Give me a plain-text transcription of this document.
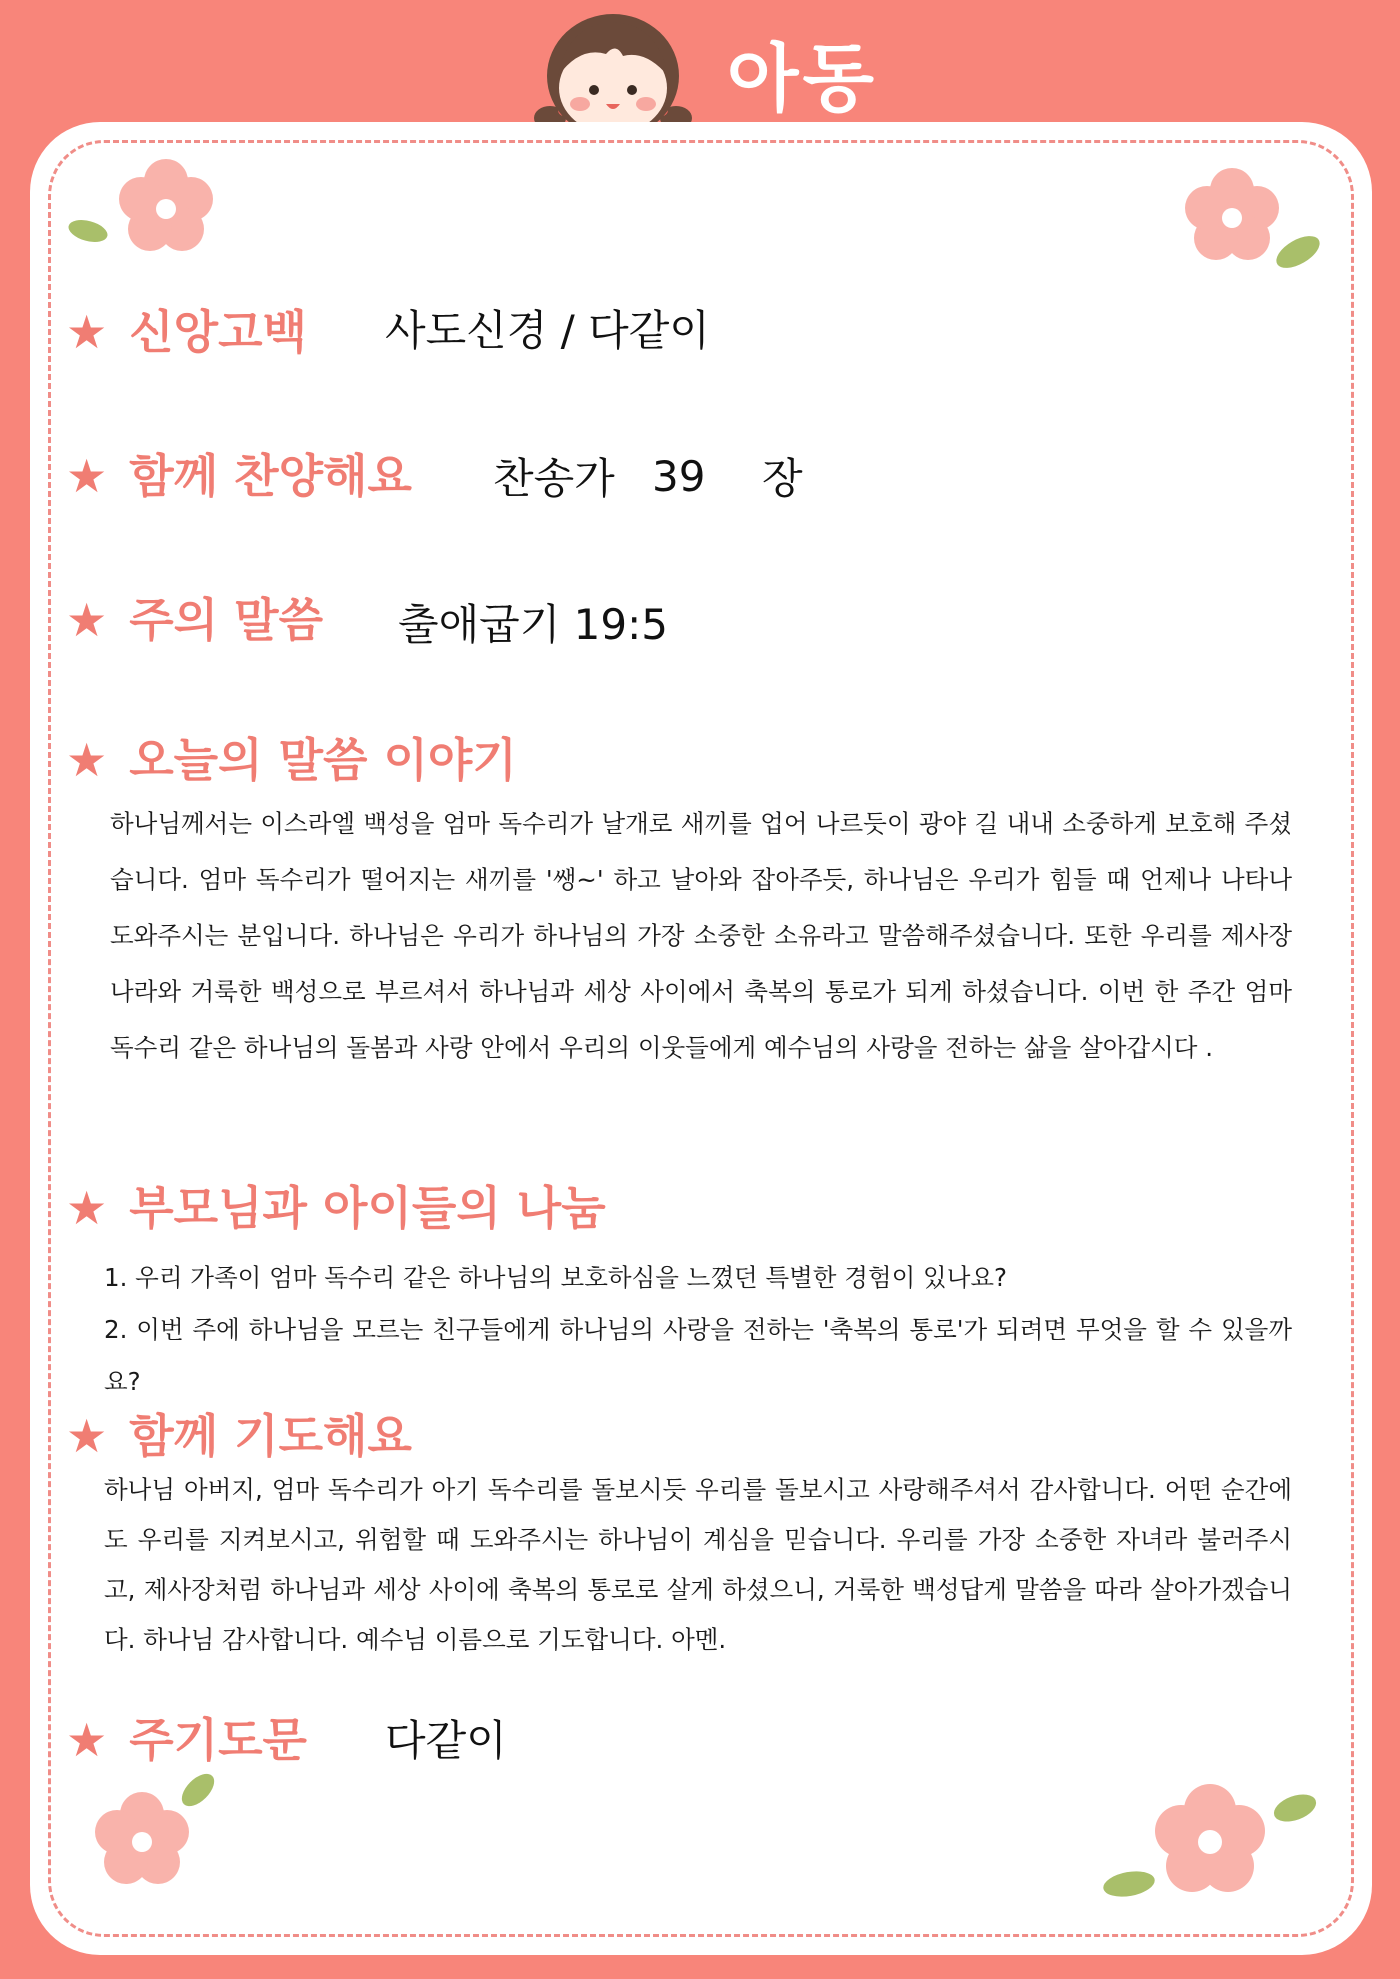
아동
★ 신앙고백 사도신경 / 다같이
★ 함께 찬양해요 찬송가 39 장
★ 주의 말씀 출애굽기 19:5
★ 오늘의 말씀 이야기
하나님께서는 이스라엘 백성을 엄마 독수리가 날개로 새끼를 업어 나르듯이 광야 길 내내 소중하게 보호해 주셨습니다. 엄마 독수리가 떨어지는 새끼를 '쌩~' 하고 날아와 잡아주듯, 하나님은 우리가 힘들 때 언제나 나타나 도와주시는 분입니다. 하나님은 우리가 하나님의 가장 소중한 소유라고 말씀해주셨습니다. 또한 우리를 제사장 나라와 거룩한 백성으로 부르셔서 하나님과 세상 사이에서 축복의 통로가 되게 하셨습니다. 이번 한 주간 엄마 독수리 같은 하나님의 돌봄과 사랑 안에서 우리의 이웃들에게 예수님의 사랑을 전하는 삶을 살아갑시다 .
★ 부모님과 아이들의 나눔
1. 우리 가족이 엄마 독수리 같은 하나님의 보호하심을 느꼈던 특별한 경험이 있나요?
2. 이번 주에 하나님을 모르는 친구들에게 하나님의 사랑을 전하는 '축복의 통로'가 되려면 무엇을 할 수 있을까요?
★ 함께 기도해요
하나님 아버지, 엄마 독수리가 아기 독수리를 돌보시듯 우리를 돌보시고 사랑해주셔서 감사합니다. 어떤 순간에도 우리를 지켜보시고, 위험할 때 도와주시는 하나님이 계심을 믿습니다. 우리를 가장 소중한 자녀라 불러주시고, 제사장처럼 하나님과 세상 사이에 축복의 통로로 살게 하셨으니, 거룩한 백성답게 말씀을 따라 살아가겠습니다. 하나님 감사합니다. 예수님 이름으로 기도합니다. 아멘.
★ 주기도문 다같이
